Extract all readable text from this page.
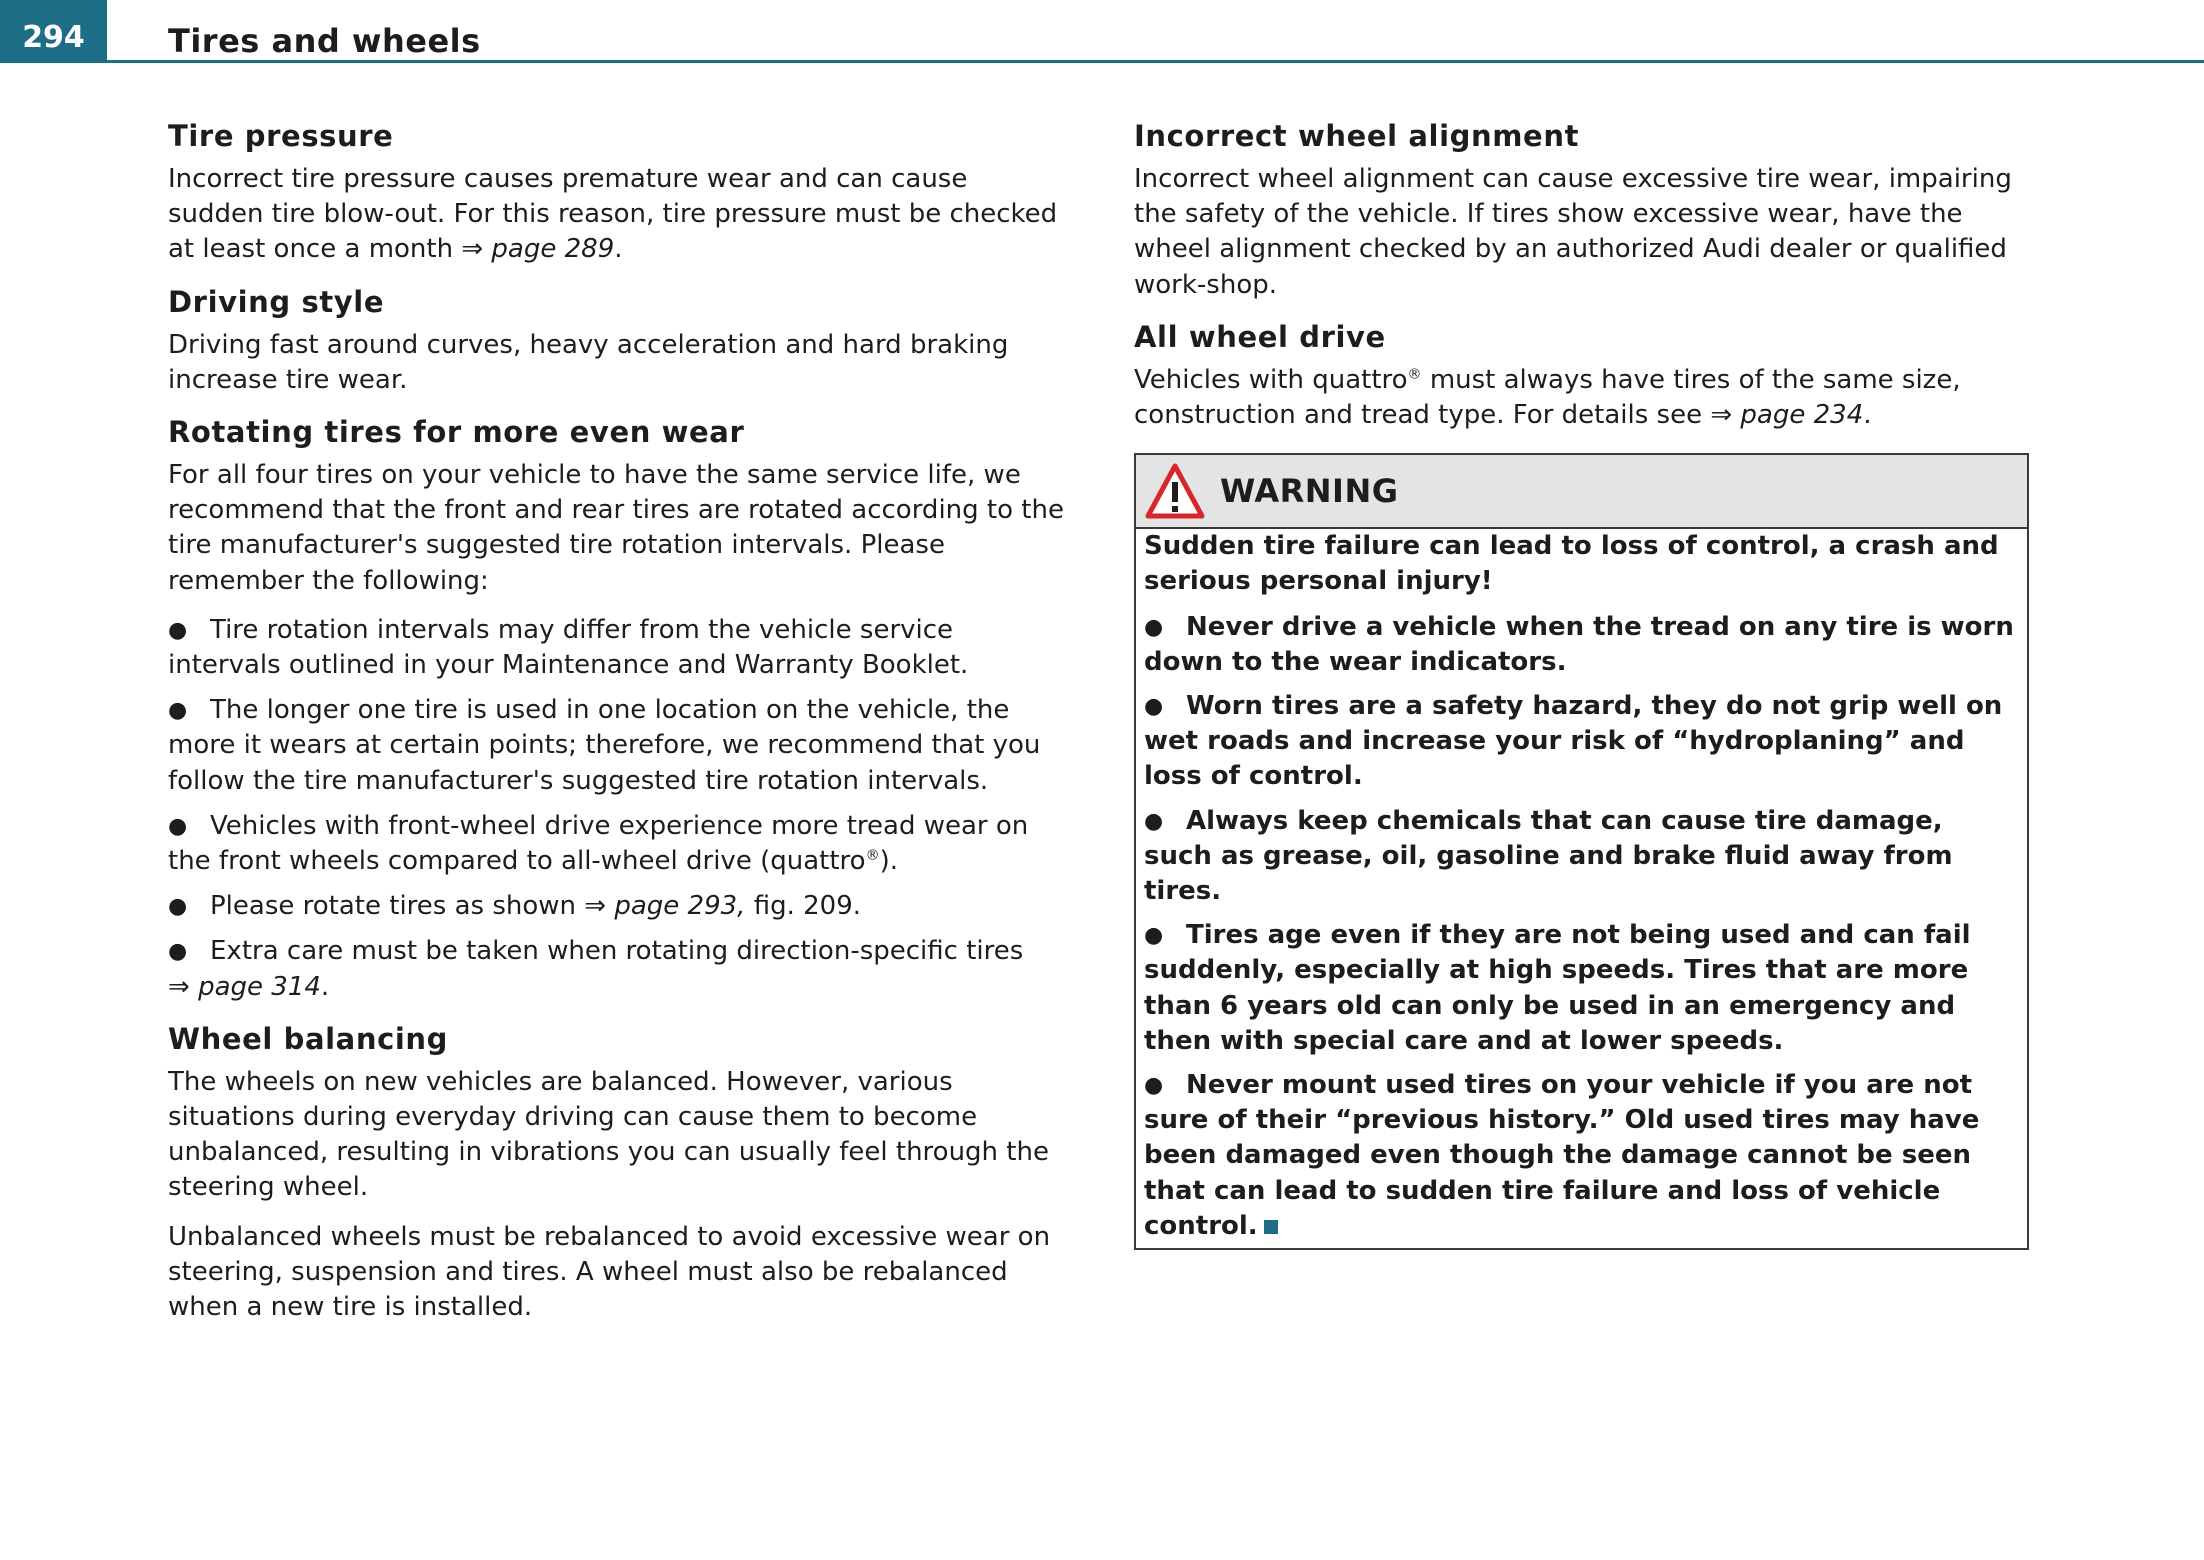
294	Tires and wheels
Tire pressure

Incorrect tire pressure causes premature wear and can cause sudden tire blow-out. For this reason, tire pressure must be checked at least once a month ⇒ page 289.

Driving style

Driving fast around curves, heavy acceleration and hard braking increase tire wear.

Rotating tires for more even wear

For all four tires on your vehicle to have the same service life, we recommend that the front and rear tires are rotated according to the tire manufacturer's suggested tire rotation intervals. Please remember the following:

● Tire rotation intervals may differ from the vehicle service intervals outlined in your Maintenance and Warranty Booklet.
● The longer one tire is used in one location on the vehicle, the more it wears at certain points; therefore, we recommend that you follow the tire manufacturer's suggested tire rotation intervals.
● Vehicles with front-wheel drive experience more tread wear on the front wheels compared to all-wheel drive (quattro®).
● Please rotate tires as shown ⇒ page 293, fig. 209.
● Extra care must be taken when rotating direction-specific tires
⇒ page 314.
Wheel balancing

The wheels on new vehicles are balanced. However, various situations during everyday driving can cause them to become unbalanced, resulting in vibrations you can usually feel through the steering wheel.

Unbalanced wheels must be rebalanced to avoid excessive wear on steering, suspension and tires. A wheel must also be rebalanced when a new tire is installed.

Incorrect wheel alignment

Incorrect wheel alignment can cause excessive tire wear, impairing the safety of the vehicle. If tires show excessive wear, have the wheel alignment checked by an authorized Audi dealer or qualified work-shop.

All wheel drive

Vehicles with quattro® must always have tires of the same size, construction and tread type. For details see ⇒ page 234.

WARNING

Sudden tire failure can lead to loss of control, a crash and serious personal injury!

● Never drive a vehicle when the tread on any tire is worn down to the wear indicators.
● Worn tires are a safety hazard, they do not grip well on wet roads and increase your risk of “hydroplaning” and loss of control.
● Always keep chemicals that can cause tire damage, such as grease, oil, gasoline and brake fluid away from tires.
● Tires age even if they are not being used and can fail suddenly, especially at high speeds. Tires that are more than 6 years old can only be used in an emergency and then with special care and at lower speeds.
● Never mount used tires on your vehicle if you are not sure of their “previous history.” Old used tires may have been damaged even though the damage cannot be seen that can lead to sudden tire failure and loss of vehicle control.
